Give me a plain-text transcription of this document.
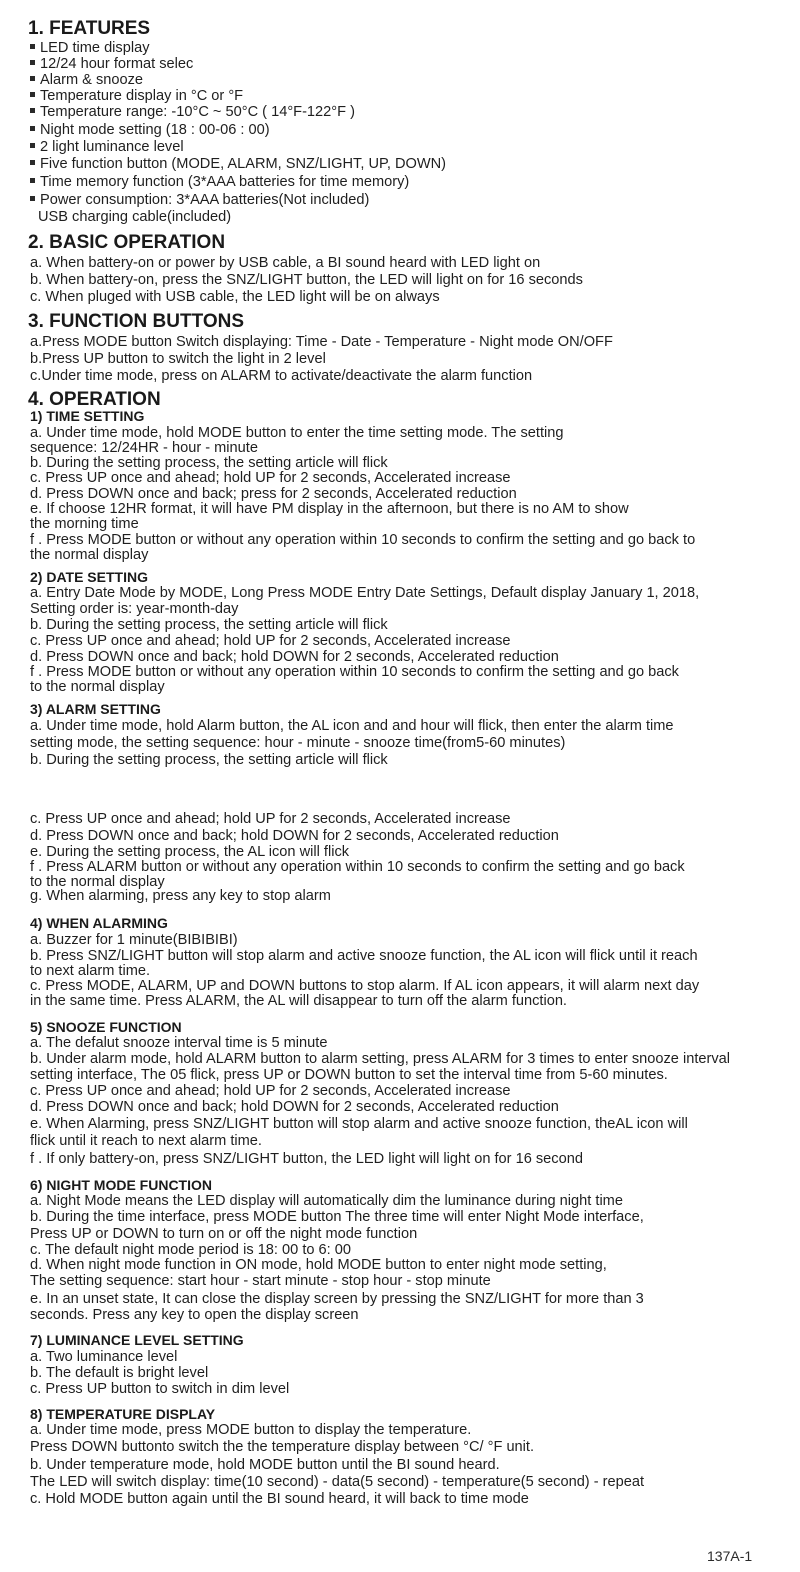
1. FEATURES
LED time display
12/24 hour format selec
Alarm & snooze
Temperature display in °C or °F
Temperature range: -10°C ~ 50°C ( 14°F-122°F )
Night mode setting (18 : 00-06 : 00)
2 light luminance level
Five function button (MODE, ALARM, SNZ/LIGHT, UP, DOWN)
Time memory function (3*AAA batteries for time memory)
Power consumption: 3*AAA batteries(Not included)
USB charging cable(included)
2. BASIC OPERATION
a. When battery-on or power by USB cable, a BI sound heard with LED light on
b. When battery-on, press the SNZ/LIGHT button, the LED will light on for 16 seconds
c. When pluged with USB cable, the LED light will be on always
3. FUNCTION BUTTONS
a.Press MODE button Switch displaying: Time - Date - Temperature - Night mode ON/OFF
b.Press UP button to switch the light in 2 level
c.Under time mode, press on ALARM to activate/deactivate the alarm function
4. OPERATION
1) TIME SETTING
a. Under time mode, hold MODE button to enter the time setting mode. The setting
sequence: 12/24HR - hour - minute
b. During the setting process, the setting article will flick
c. Press UP once and ahead; hold UP for 2 seconds, Accelerated increase
d. Press DOWN once and back; press for 2 seconds, Accelerated reduction
e. If choose 12HR format, it will have PM display in the afternoon, but there is no AM to show
the morning time
f . Press MODE button or without any operation within 10 seconds to confirm the setting and go back to
the normal display
2) DATE SETTING
a. Entry Date Mode by MODE, Long Press MODE Entry Date Settings, Default display January 1, 2018,
Setting order is: year-month-day
b. During the setting process, the setting article will flick
c. Press UP once and ahead; hold UP for 2 seconds, Accelerated increase
d. Press DOWN once and back; hold DOWN for 2 seconds, Accelerated reduction
f . Press MODE button or without any operation within 10 seconds to confirm the setting and go back
to the normal display
3) ALARM SETTING
a. Under time mode, hold Alarm button, the AL icon and and hour will flick, then enter the alarm time
setting mode, the setting sequence: hour - minute - snooze time(from5-60 minutes)
b. During the setting process, the setting article will flick
c. Press UP once and ahead; hold UP for 2 seconds, Accelerated increase
d. Press DOWN once and back; hold DOWN for 2 seconds, Accelerated reduction
e. During the setting process, the AL icon will flick
f . Press ALARM button or without any operation within 10 seconds to confirm the setting and go back
to the normal display
g. When alarming, press any key to stop alarm
4) WHEN ALARMING
a. Buzzer for 1 minute(BIBIBIBI)
b. Press SNZ/LIGHT button will stop alarm and active snooze function, the AL icon will flick until it reach
to next alarm time.
c. Press MODE, ALARM, UP and DOWN buttons to stop alarm. If AL icon appears, it will alarm next day
in the same time. Press ALARM, the AL will disappear to turn off the alarm function.
5) SNOOZE FUNCTION
a. The defalut snooze interval time is 5 minute
b. Under alarm mode, hold ALARM button to alarm setting, press ALARM for 3 times to enter snooze interval
setting interface, The 05 flick, press UP or DOWN button to set the interval time from 5-60 minutes.
c. Press UP once and ahead; hold UP for 2 seconds, Accelerated increase
d. Press DOWN once and back; hold DOWN for 2 seconds, Accelerated reduction
e. When Alarming, press SNZ/LIGHT button will stop alarm and active snooze function, theAL icon will
flick until it reach to next alarm time.
f . If only battery-on, press SNZ/LIGHT button, the LED light will light on for 16 second
6) NIGHT MODE FUNCTION
a. Night Mode means the LED display will automatically dim the luminance during night time
b. During the time interface, press MODE button The three time will enter Night Mode interface,
Press UP or DOWN to turn on or off the night mode function
c. The default night mode period is 18: 00 to 6: 00
d. When night mode function in ON mode, hold MODE button to enter night mode setting,
The setting sequence: start hour - start minute - stop hour - stop minute
e. In an unset state, It can close the display screen by pressing the SNZ/LIGHT for more than 3
seconds. Press any key to open the display screen
7) LUMINANCE LEVEL SETTING
a. Two luminance level
b. The default is bright level
c. Press UP button to switch in dim level
8) TEMPERATURE DISPLAY
a. Under time mode, press MODE button to display the temperature.
Press DOWN buttonto switch the the temperature display between °C/ °F unit.
b. Under temperature mode, hold MODE button until the BI sound heard.
The LED will switch display: time(10 second) - data(5 second) - temperature(5 second) - repeat
c. Hold MODE button again until the BI sound heard, it will back to time mode
137A-1
